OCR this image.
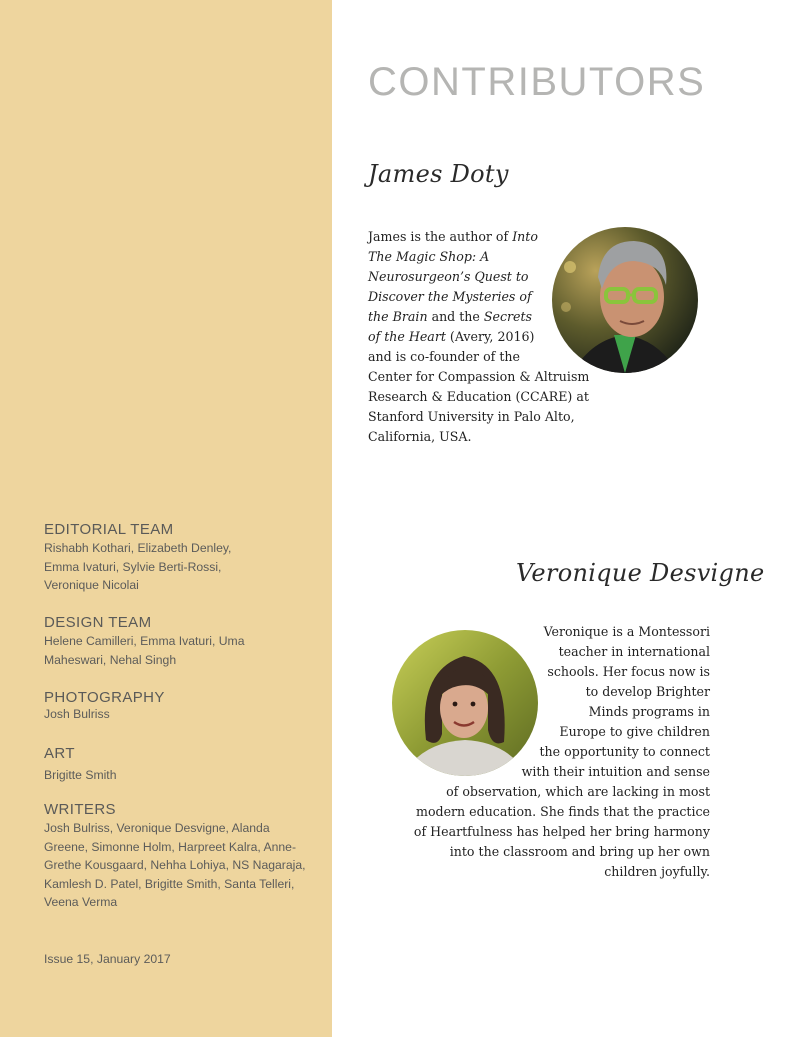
EDITORIAL TEAM
Rishabh Kothari, Elizabeth Denley, Emma Ivaturi, Sylvie Berti-Rossi, Veronique Nicolai
DESIGN TEAM
Helene Camilleri, Emma Ivaturi, Uma Maheswari, Nehal Singh
PHOTOGRAPHY
Josh Bulriss
ART
Brigitte Smith
WRITERS
Josh Bulriss, Veronique Desvigne, Alanda Greene, Simonne Holm, Harpreet Kalra, Anne-Grethe Kousgaard, Nehha Lohiya, NS Nagaraja, Kamlesh D. Patel, Brigitte Smith, Santa Telleri, Veena Verma
Issue 15, January 2017
CONTRIBUTORS
James Doty
James is the author of Into The Magic Shop: A Neurosurgeon’s Quest to Discover the Mysteries of the Brain and the Secrets of the Heart (Avery, 2016) and is co-founder of the Center for Compassion & Altruism Research & Education (CCARE) at Stanford University in Palo Alto, California, USA.
Veronique Desvigne
Veronique is a Montessori teacher in international schools. Her focus now is to develop Brighter Minds programs in Europe to give children the opportunity to connect with their intuition and sense of observation, which are lacking in most modern education. She finds that the practice of Heartfulness has helped her bring harmony into the classroom and bring up her own children joyfully.
